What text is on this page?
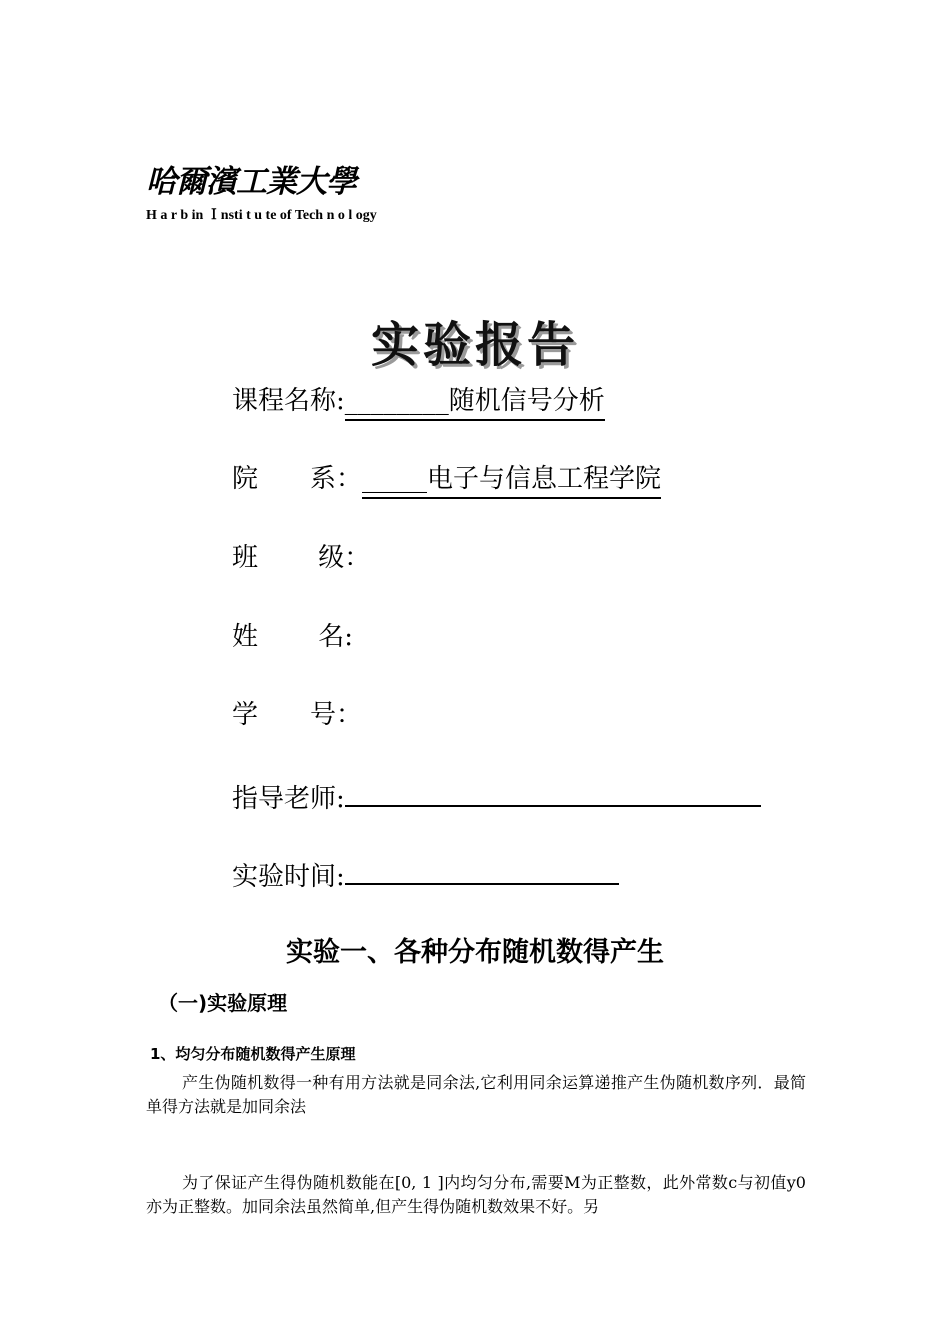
哈爾濱工業大學
H a r b in Ｉnsti t u te of Tech n o l ogy
实验报告
课程名称:________随机信号分析
院　　系：_____电子与信息工程学院
班　　 级：
姓　　 名:
学　　号：
指导老师:
实验时间:
实验一、各种分布随机数得产生
（一)实验原理
1、均匀分布随机数得产生原理
产生伪随机数得一种有用方法就是同余法,它利用同余运算递推产生伪随机数序列．最简单得方法就是加同余法
为了保证产生得伪随机数能在[0, 1 ]内均匀分布,需要M为正整数，此外常数c与初值y0亦为正整数。加同余法虽然简单,但产生得伪随机数效果不好。另
